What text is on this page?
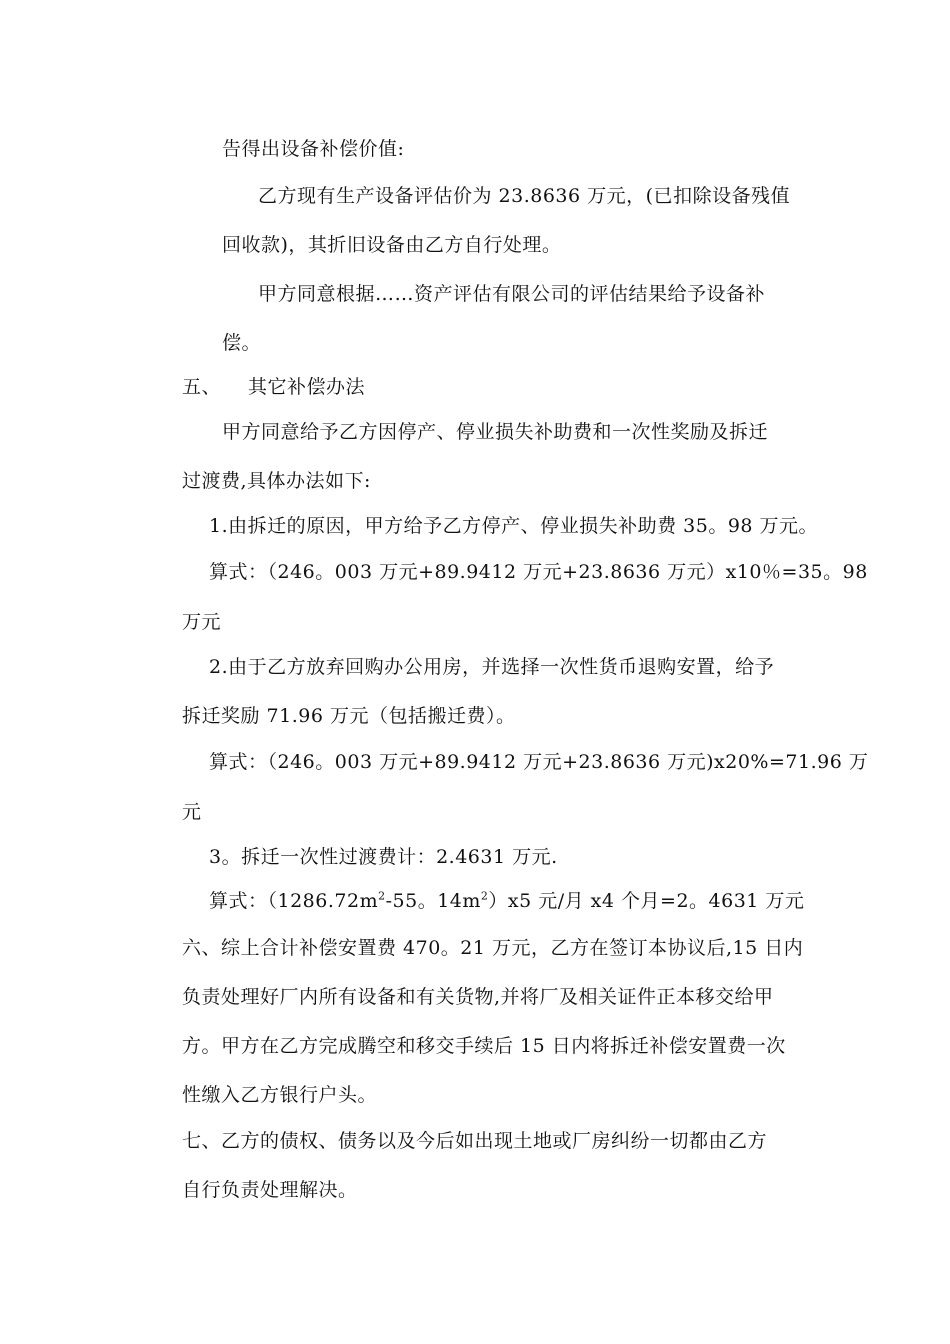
告得出设备补偿价值:
乙方现有生产设备评估价为 23.8636 万元，(已扣除设备残值
回收款)，其折旧设备由乙方自行处理。
甲方同意根据……资产评估有限公司的评估结果给予设备补
偿。
五、 其它补偿办法
甲方同意给予乙方因停产、停业损失补助费和一次性奖励及拆迁
过渡费,具体办法如下:
1.由拆迁的原因，甲方给予乙方停产、停业损失补助费 35。98 万元。
算式：（246。003 万元+89.9412 万元+23.8636 万元）x10％=35。98
万元
2.由于乙方放弃回购办公用房，并选择一次性货币退购安置，给予
拆迁奖励 71.96 万元（包括搬迁费）。
算式：（246。003 万元+89.9412 万元+23.8636 万元)x20%=71.96 万
元
3。拆迁一次性过渡费计：2.4631 万元.
算式：（$1286.72m^2-55$。$14m^2)x5$ 元/月 x4 个月=2。4631 万元
六、综上合计补偿安置费 470。21 万元，乙方在签订本协议后,15 日内
负责处理好厂内所有设备和有关货物,并将厂及相关证件正本移交给甲
方。甲方在乙方完成腾空和移交手续后 15 日内将拆迁补偿安置费一次
性缴入乙方银行户头。
七、乙方的债权、债务以及今后如出现土地或厂房纠纷一切都由乙方
自行负责处理解决。
